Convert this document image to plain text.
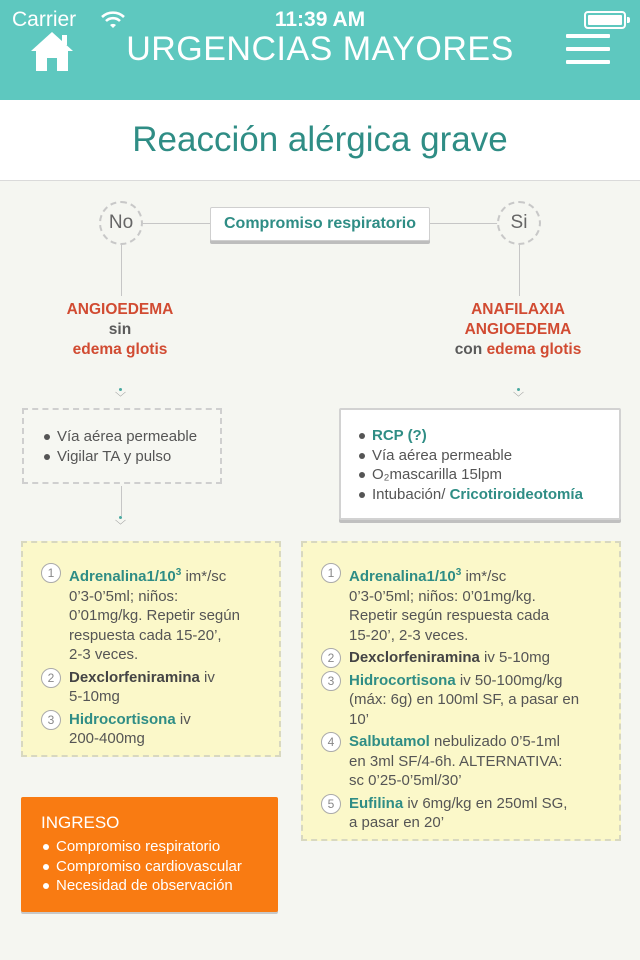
Carrier	11:39 AM
URGENCIAS MAYORES
Reacción alérgica grave
No	Compromiso respiratorio	Si
ANGIOEDEMA
sin
edema glotis
ANAFILAXIA
ANGIOEDEMA
con edema glotis
﹀	﹀
Vía aérea permeable
Vigilar TA y pulso
RCP (?)
Vía aérea permeable
O₂mascarilla 15lpm
Intubación/ Cricotiroideotomía
﹀
1 $Adrenalina1/10^3$ im*/sc
0’3-0’5ml; niños:
0’01mg/kg. Repetir según
respuesta cada 15-20’,
2-3 veces.
2 Dexclorfeniramina iv
5-10mg
3 Hidrocortisona iv
200-400mg
1 $Adrenalina1/10^3$ im*/sc
0’3-0’5ml; niños: 0’01mg/kg.
Repetir según respuesta cada
15-20’, 2-3 veces.
2 Dexclorfeniramina iv 5-10mg
3 Hidrocortisona iv 50-100mg/kg
(máx: 6g) en 100ml SF, a pasar en
10’
4 Salbutamol nebulizado 0’5-1ml
en 3ml SF/4-6h. ALTERNATIVA:
sc 0’25-0’5ml/30’
5 Eufilina iv 6mg/kg en 250ml SG,
a pasar en 20’
INGRESO
Compromiso respiratorio
Compromiso cardiovascular
Necesidad de observación
